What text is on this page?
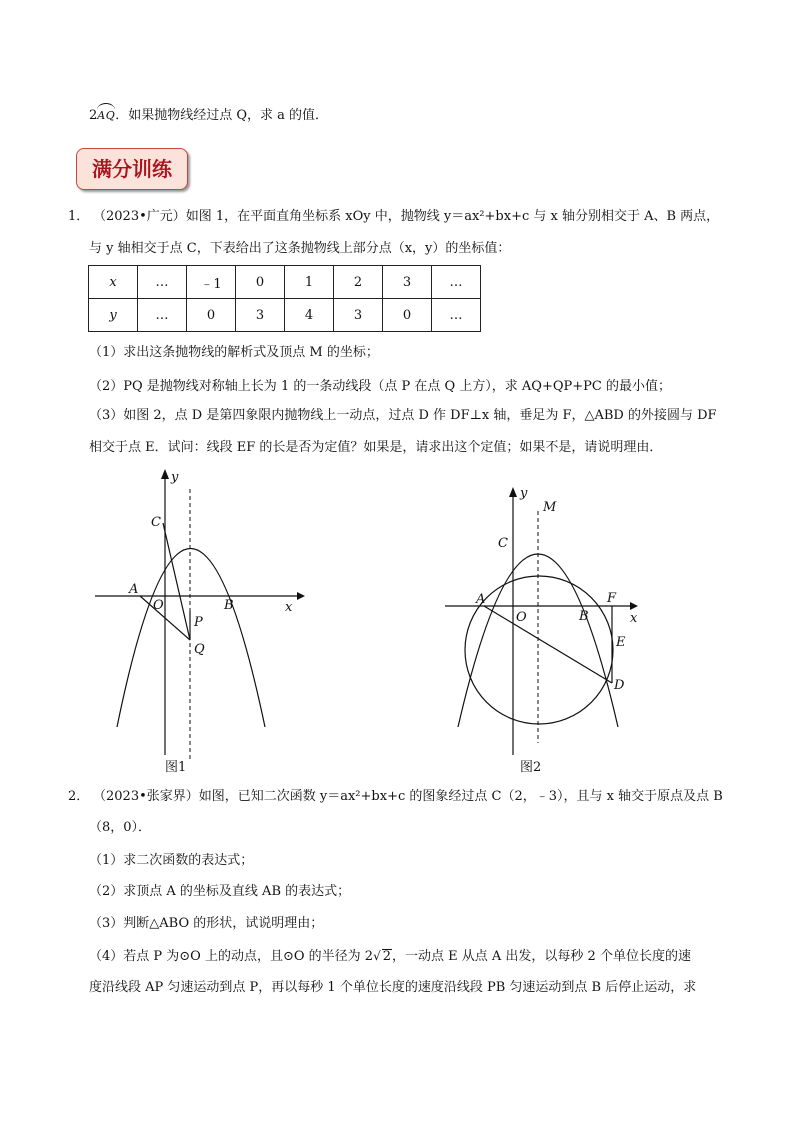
2AQ．如果抛物线经过点 Q，求 a 的值．
满分训练
1． （2023•广元）如图 1，在平面直角坐标系 xOy 中，抛物线 y＝ax²+bx+c 与 x 轴分别相交于 A、B 两点，
与 y 轴相交于点 C，下表给出了这条抛物线上部分点（x，y）的坐标值：
x	…	﹣1	0	1	2	3	…
y	…	0	3	4	3	0	…
（1）求出这条抛物线的解析式及顶点 M 的坐标；
（2）PQ 是抛物线对称轴上长为 1 的一条动线段（点 P 在点 Q 上方），求 AQ+QP+PC 的最小值；
（3）如图 2，点 D 是第四象限内抛物线上一动点，过点 D 作 DF⊥x 轴，垂足为 F，△ABD 的外接圆与 DF
相交于点 E．试问：线段 EF 的长是否为定值？如果是，请求出这个定值；如果不是，请说明理由．
y
x
C
A
O	B
P
Q
图1
y
x
M
C
A
O	B
F
E
D
图2
2． （2023•张家界）如图，已知二次函数 y＝ax²+bx+c 的图象经过点 C（2，﹣3），且与 x 轴交于原点及点 B
（8，0）．
（1）求二次函数的表达式；
（2）求顶点 A 的坐标及直线 AB 的表达式；
（3）判断△ABO 的形状，试说明理由；
（4）若点 P 为⊙O 上的动点，且⊙O 的半径为 2√ 2，一动点 E 从点 A 出发，以每秒 2 个单位长度的速
度沿线段 AP 匀速运动到点 P，再以每秒 1 个单位长度的速度沿线段 PB 匀速运动到点 B 后停止运动，求
